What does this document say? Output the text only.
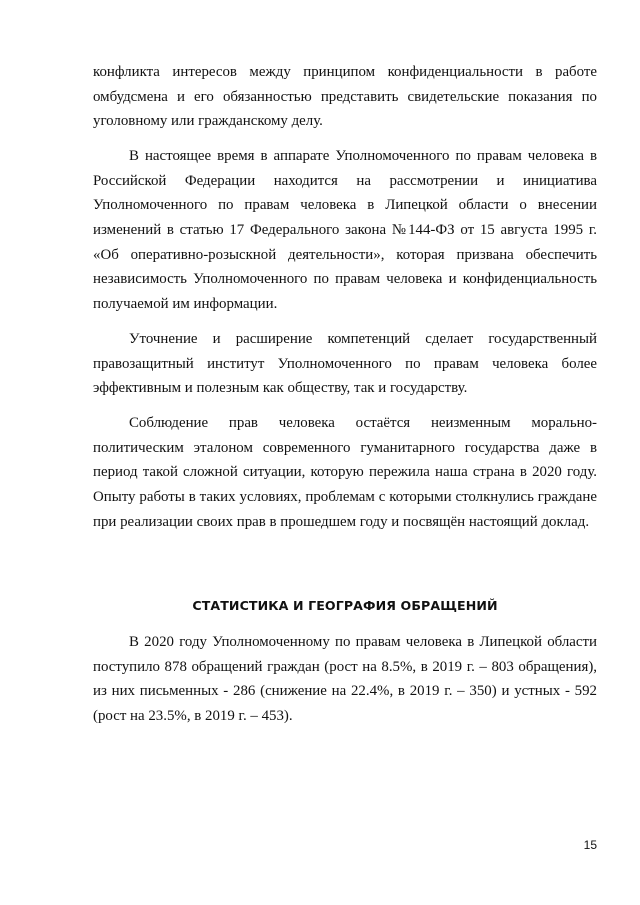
конфликта интересов между принципом конфиденциальности в работе омбудсмена и его обязанностью представить свидетельские показания по уголовному или гражданскому делу.

В настоящее время в аппарате Уполномоченного по правам человека в Российской Федерации находится на рассмотрении и инициатива Уполномоченного по правам человека в Липецкой области о внесении изменений в статью 17 Федерального закона №144-ФЗ от 15 августа 1995 г. «Об оперативно-розыскной деятельности», которая призвана обеспечить независимость Уполномоченного по правам человека и конфиденциальность получаемой им информации.

Уточнение и расширение компетенций сделает государственный правозащитный институт Уполномоченного по правам человека более эффективным и полезным как обществу, так и государству.

Соблюдение прав человека остаётся неизменным морально-политическим эталоном современного гуманитарного государства даже в период такой сложной ситуации, которую пережила наша страна в 2020 году. Опыту работы в таких условиях, проблемам с которыми столкнулись граждане при реализации своих прав в прошедшем году и посвящён настоящий доклад.

СТАТИСТИКА И ГЕОГРАФИЯ ОБРАЩЕНИЙ

В 2020 году Уполномоченному по правам человека в Липецкой области поступило 878 обращений граждан (рост на 8.5%, в 2019 г. – 803 обращения), из них письменных - 286 (снижение на 22.4%, в 2019 г. – 350) и устных - 592 (рост на 23.5%, в 2019 г. – 453).

15
